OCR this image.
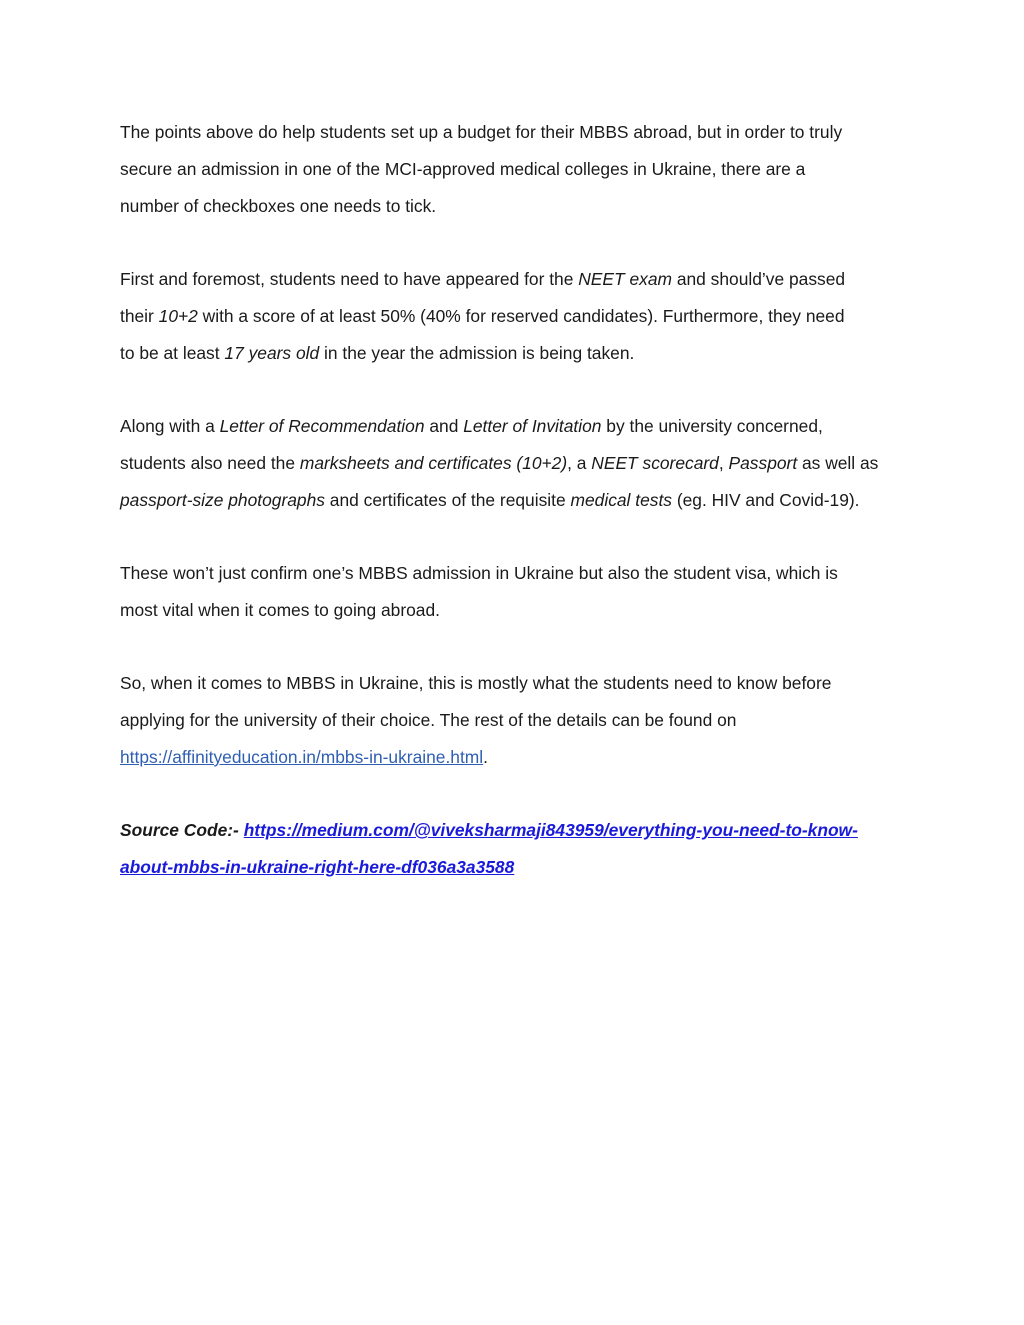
The points above do help students set up a budget for their MBBS abroad, but in order to truly
secure an admission in one of the MCI-approved medical colleges in Ukraine, there are a
number of checkboxes one needs to tick.

First and foremost, students need to have appeared for the NEET exam and should’ve passed
their 10+2 with a score of at least 50% (40% for reserved candidates). Furthermore, they need
to be at least 17 years old in the year the admission is being taken.

Along with a Letter of Recommendation and Letter of Invitation by the university concerned,
students also need the marksheets and certificates (10+2), a NEET scorecard, Passport as well as
passport-size photographs and certificates of the requisite medical tests (eg. HIV and Covid-19).

These won’t just confirm one’s MBBS admission in Ukraine but also the student visa, which is
most vital when it comes to going abroad.

So, when it comes to MBBS in Ukraine, this is mostly what the students need to know before
applying for the university of their choice. The rest of the details can be found on
https://affinityeducation.in/mbbs-in-ukraine.html.

Source Code:- https://medium.com/@viveksharmaji843959/everything-you-need-to-know-
about-mbbs-in-ukraine-right-here-df036a3a3588
